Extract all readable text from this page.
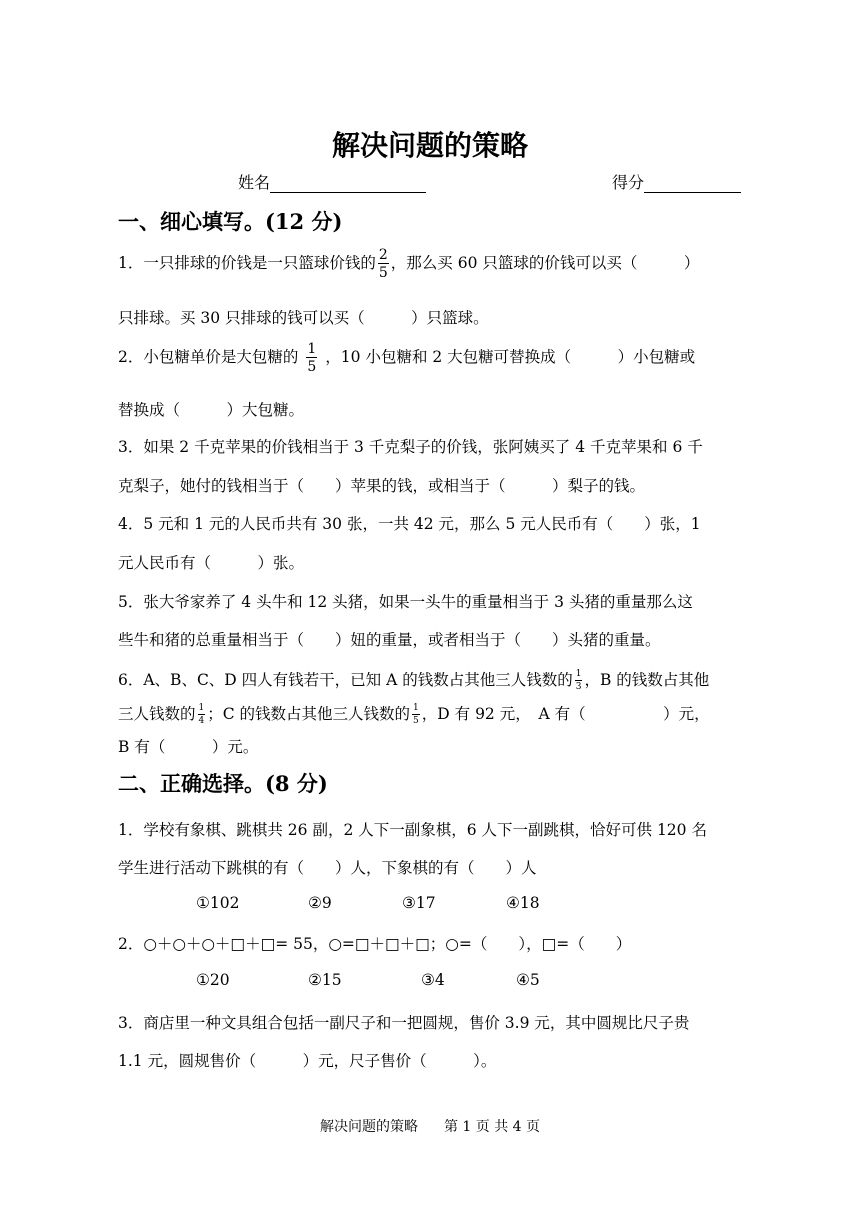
解决问题的策略
姓名	得分
一、细心填写。(12 分)
1．一只排球的价钱是一只篮球价钱的 $\frac{2}{5}$ ，那么买 60 只篮球的价钱可以买（　　　）
只排球。买 30 只排球的钱可以买（　　　）只篮球。
2．小包糖单价是大包糖的 $\frac{1}{5}$ ，10 小包糖和 2 大包糖可替换成（　　　）小包糖或
替换成（　　　）大包糖。
3．如果 2 千克苹果的价钱相当于 3 千克梨子的价钱，张阿姨买了 4 千克苹果和 6 千
克梨子，她付的钱相当于（　　）苹果的钱，或相当于（　　　）梨子的钱。
4．5 元和 1 元的人民币共有 30 张，一共 42 元，那么 5 元人民币有（　　）张，1
元人民币有（　　　）张。
5．张大爷家养了 4 头牛和 12 头猪，如果一头牛的重量相当于 3 头猪的重量那么这
些牛和猪的总重量相当于（　　）妞的重量，或者相当于（　　）头猪的重量。
6．A、B、C、D 四人有钱若干，已知 A 的钱数占其他三人钱数的 $\frac{1}{3}$ ，B 的钱数占其他
三人钱数的 $\frac{1}{4}$ ；C 的钱数占其他三人钱数的 $\frac{1}{5}$ ，D 有 92 元，　A 有（　　　　　）元，
B 有（　　　）元。
二、正确选择。(8 分)
1．学校有象棋、跳棋共 26 副，2 人下一副象棋，6 人下一副跳棋，恰好可供 120 名
学生进行活动下跳棋的有（　　）人，下象棋的有（　　）人
①102	②9	③17	④18
2．○＋○＋○＋□＋□= 55，○=□＋□＋□；○=（　　），□=（　　）
①20	②15	③4	④5
3．商店里一种文具组合包括一副尺子和一把圆规，售价 3.9 元，其中圆规比尺子贵
1.1 元，圆规售价（　　　）元，尺子售价（　　　）。
解决问题的策略 第 1 页 共 4 页
